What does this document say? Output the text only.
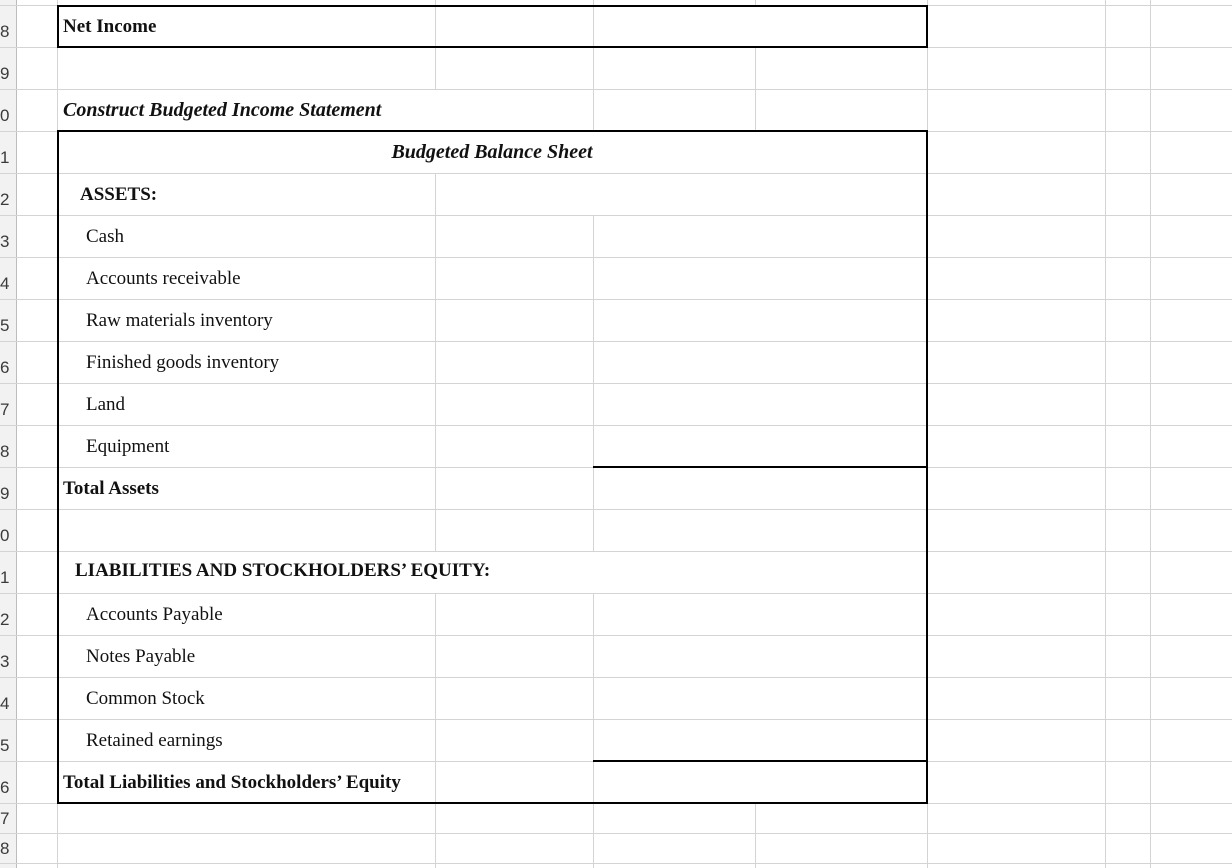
8
9
0
1
2
3
4
5
6
7
8
9
0
1
2
3
4
5
6
7
8
Net Income
Construct Budgeted Income Statement
Budgeted Balance Sheet
ASSETS:
Cash
Accounts receivable
Raw materials inventory
Finished goods inventory
Land
Equipment
Total Assets
LIABILITIES AND STOCKHOLDERS’ EQUITY:
Accounts Payable
Notes Payable
Common Stock
Retained earnings
Total Liabilities and Stockholders’ Equity
